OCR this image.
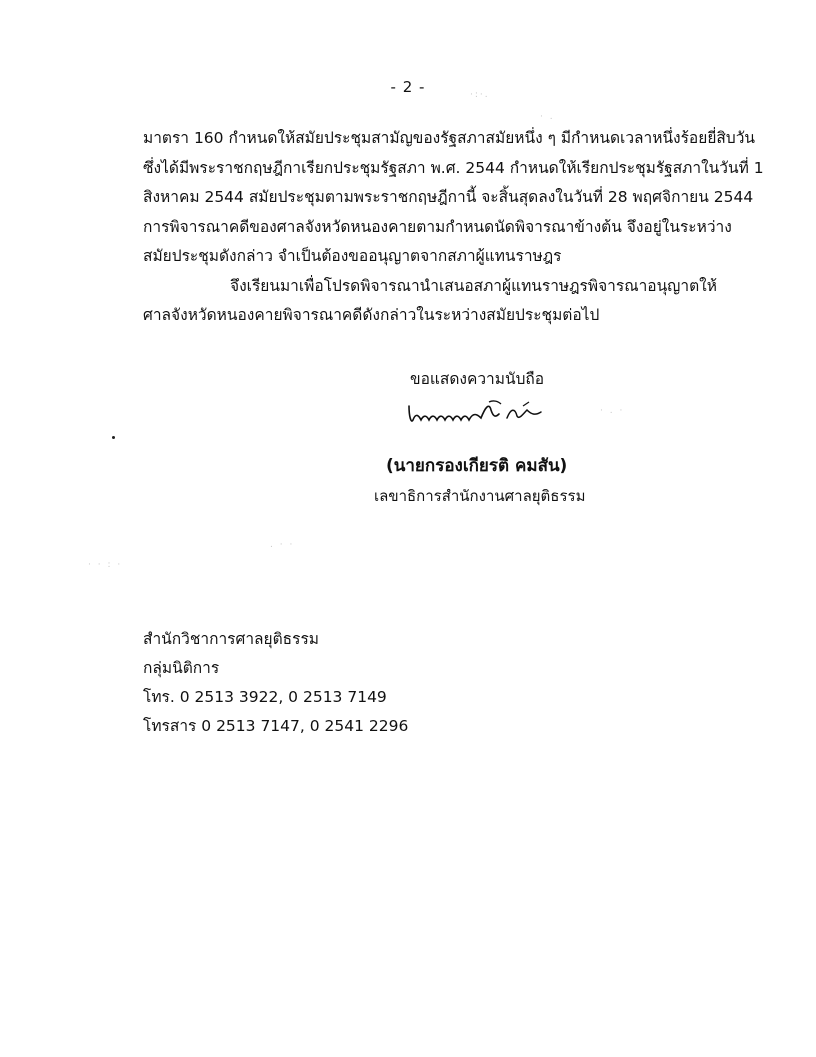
- 2 -
มาตรา 160 กำหนดให้สมัยประชุมสามัญของรัฐสภาสมัยหนึ่ง ๆ มีกำหนดเวลาหนึ่งร้อยยี่สิบวัน
ซึ่งได้มีพระราชกฤษฎีกาเรียกประชุมรัฐสภา พ.ศ. 2544 กำหนดให้เรียกประชุมรัฐสภาในวันที่ 1
สิงหาคม 2544 สมัยประชุมตามพระราชกฤษฎีกานี้ จะสิ้นสุดลงในวันที่ 28 พฤศจิกายน 2544
การพิจารณาคดีของศาลจังหวัดหนองคายตามกำหนดนัดพิจารณาข้างต้น จึงอยู่ในระหว่าง
สมัยประชุมดังกล่าว จำเป็นต้องขออนุญาตจากสภาผู้แทนราษฎร
จึงเรียนมาเพื่อโปรดพิจารณานำเสนอสภาผู้แทนราษฎรพิจารณาอนุญาตให้
ศาลจังหวัดหนองคายพิจารณาคดีดังกล่าวในระหว่างสมัยประชุมต่อไป
ขอแสดงความนับถือ
(นายกรองเกียรติ คมสัน)
เลขาธิการสำนักงานศาลยุติธรรม
สำนักวิชาการศาลยุติธรรม
กลุ่มนิติการ
โทร. 0 2513 3922, 0 2513 7149
โทรสาร 0 2513 7147, 0 2541 2296
·:·.
· .
· . ·
· · : ·
. · ·
